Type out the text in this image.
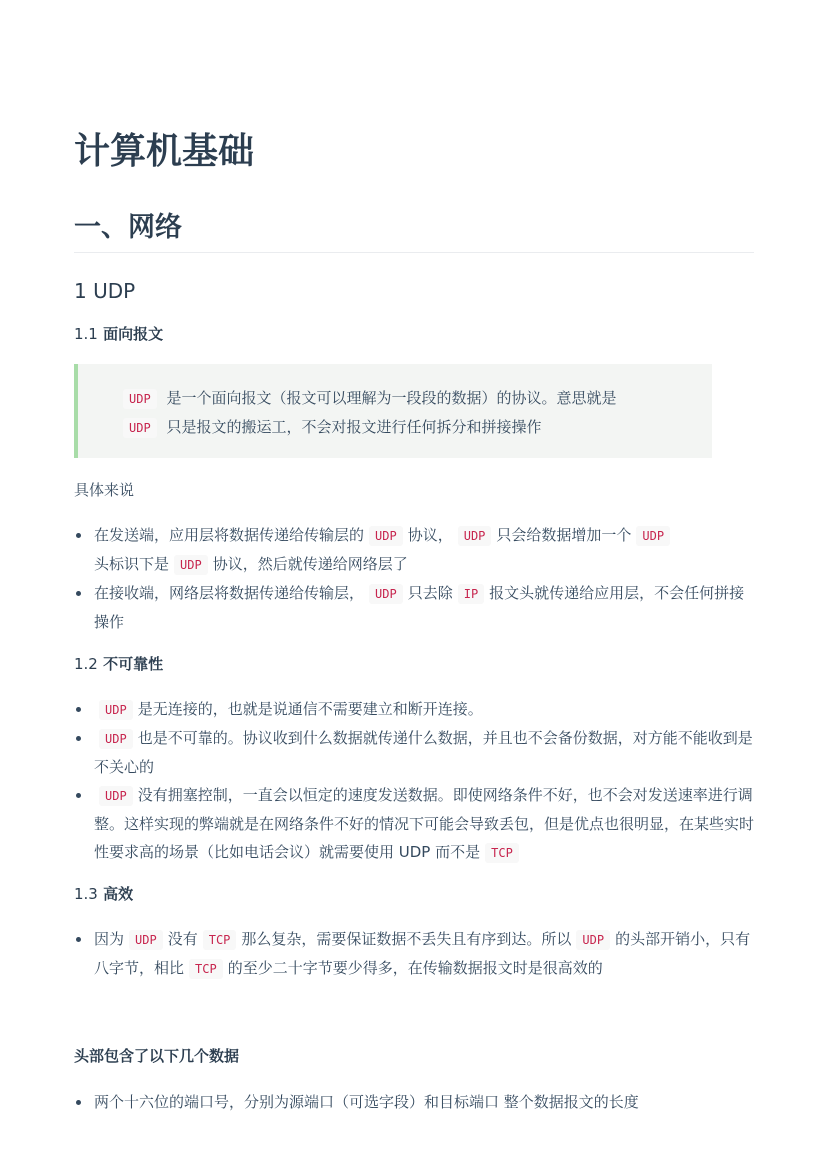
计算机基础
一、网络
1 UDP
1.1 面向报文
UDP 是一个面向报文（报文可以理解为一段段的数据）的协议。意思就是
UDP 只是报文的搬运工，不会对报文进行任何拆分和拼接操作

具体来说

在发送端，应用层将数据传递给传输层的 UDP 协议， UDP 只会给数据增加一个 UDP
头标识下是 UDP 协议，然后就传递给网络层了
在接收端，网络层将数据传递给传输层， UDP 只去除 IP 报文头就传递给应用层，不会任何拼接操作
1.2 不可靠性
UDP 是无连接的，也就是说通信不需要建立和断开连接。
UDP 也是不可靠的。协议收到什么数据就传递什么数据，并且也不会备份数据，对方能不能收到是不关心的
UDP 没有拥塞控制，一直会以恒定的速度发送数据。即使网络条件不好，也不会对发送速率进行调整。这样实现的弊端就是在网络条件不好的情况下可能会导致丢包，但是优点也很明显，在某些实时性要求高的场景（比如电话会议）就需要使用 UDP 而不是 TCP
1.3 高效
因为 UDP 没有 TCP 那么复杂，需要保证数据不丢失且有序到达。所以 UDP 的头部开销小，只有八字节，相比 TCP 的至少二十字节要少得多，在传输数据报文时是很高效的
头部包含了以下几个数据
两个十六位的端口号，分别为源端口（可选字段）和目标端口 整个数据报文的长度
